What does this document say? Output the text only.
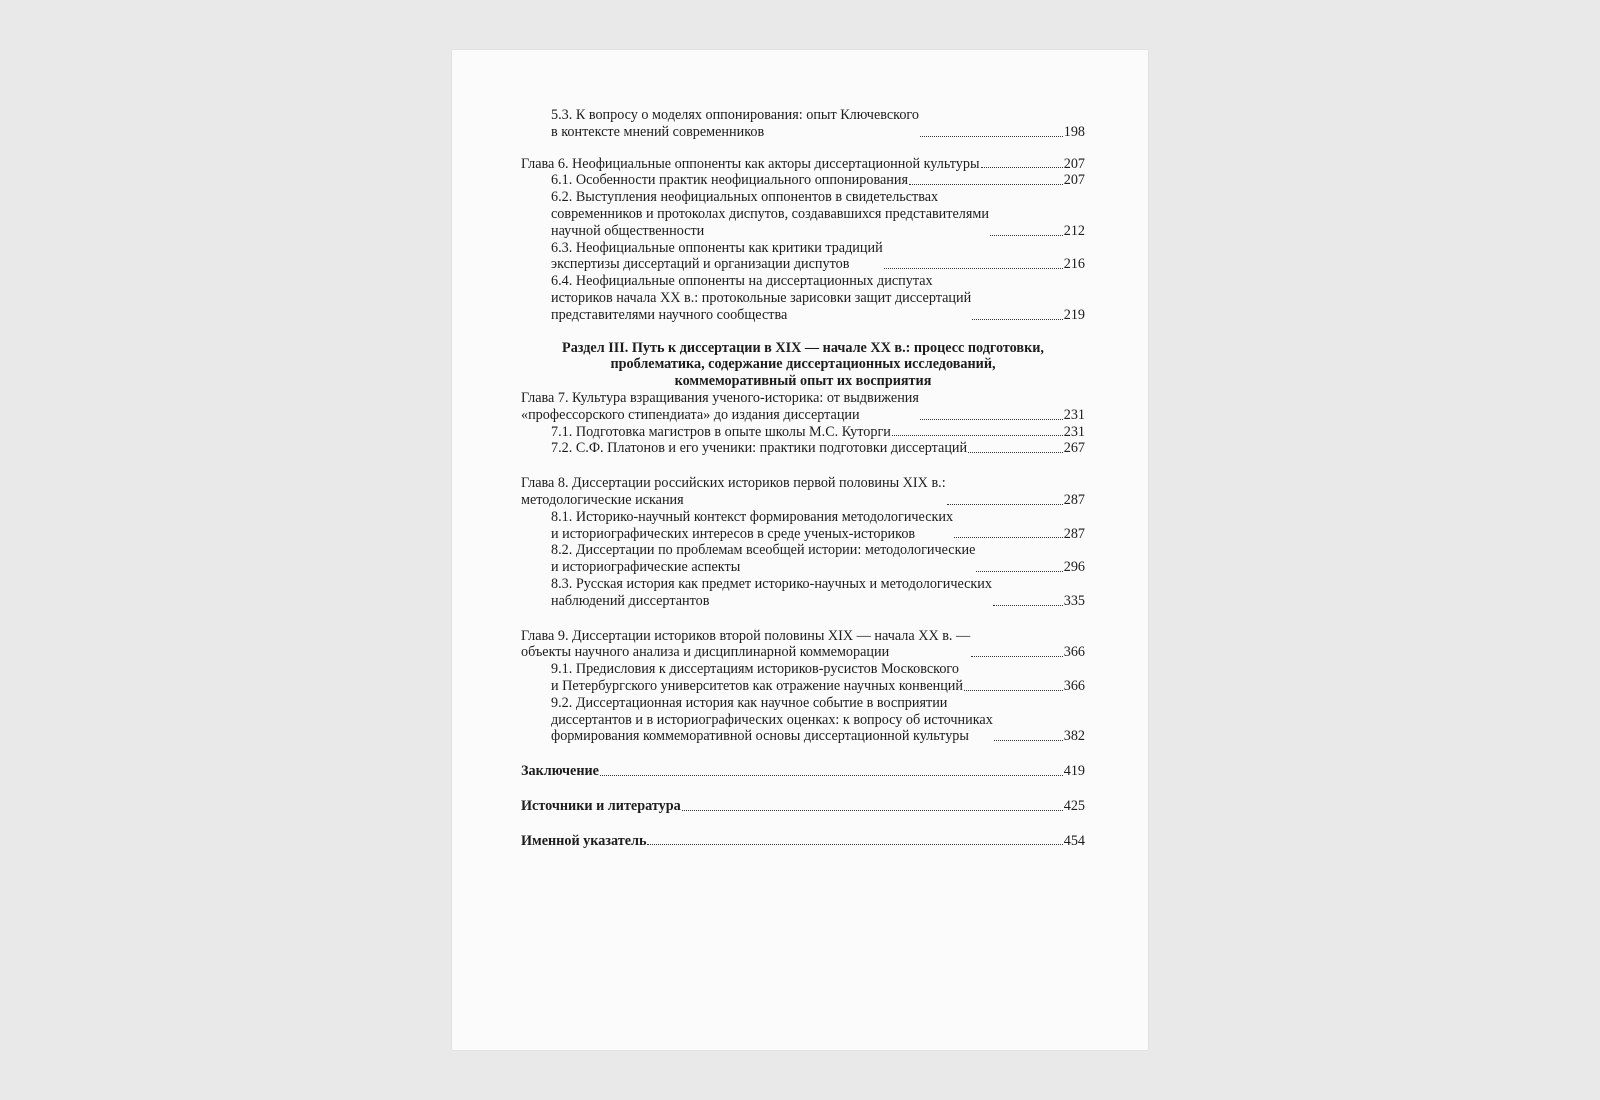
5.3. К вопросу о моделях оппонирования: опыт Ключевского
в контексте мнений современников	198
Глава 6. Неофициальные оппоненты как акторы диссертационной культуры	207
6.1. Особенности практик неофициального оппонирования	207
6.2. Выступления неофициальных оппонентов в свидетельствах
современников и протоколах диспутов, создававшихся представителями
научной общественности	212
6.3. Неофициальные оппоненты как критики традиций
экспертизы диссертаций и организации диспутов	216
6.4. Неофициальные оппоненты на диссертационных диспутах
историков начала XX в.: протокольные зарисовки защит диссертаций
представителями научного сообщества	219
Раздел III. Путь к диссертации в XIX — начале XX в.: процесс подготовки,
проблематика, содержание диссертационных исследований,
коммеморативный опыт их восприятия
Глава 7. Культура взращивания ученого-историка: от выдвижения
«профессорского стипендиата» до издания диссертации	231
7.1. Подготовка магистров в опыте школы М.С. Куторги	231
7.2. С.Ф. Платонов и его ученики: практики подготовки диссертаций	267
Глава 8. Диссертации российских историков первой половины XIX в.:
методологические искания	287
8.1. Историко-научный контекст формирования методологических
и историографических интересов в среде ученых-историков	287
8.2. Диссертации по проблемам всеобщей истории: методологические
и историографические аспекты	296
8.3. Русская история как предмет историко-научных и методологических
наблюдений диссертантов	335
Глава 9. Диссертации историков второй половины XIX — начала XX в. —
объекты научного анализа и дисциплинарной коммеморации	366
9.1. Предисловия к диссертациям историков-русистов Московского
и Петербургского университетов как отражение научных конвенций	366
9.2. Диссертационная история как научное событие в восприятии
диссертантов и в историографических оценках: к вопросу об источниках
формирования коммеморативной основы диссертационной культуры	382
Заключение	419
Источники и литература	425
Именной указатель	454
